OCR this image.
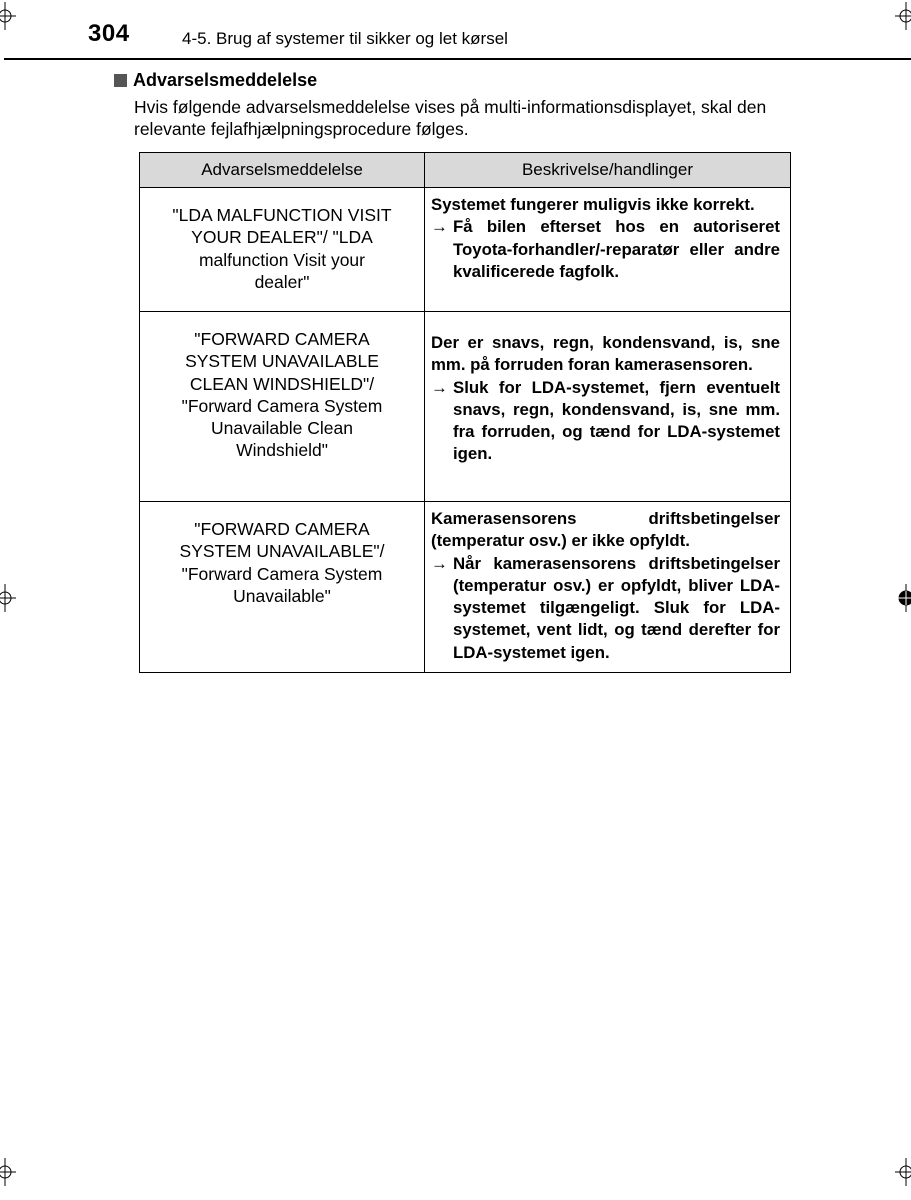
304	4-5. Brug af systemer til sikker og let kørsel
Advarselsmeddelelse
Hvis følgende advarselsmeddelelse vises på multi-informationsdisplayet, skal den relevante fejlafhjælpningsprocedure følges.
Advarselsmeddelelse	Beskrivelse/handlinger

"LDA MALFUNCTION VISIT YOUR DEALER"/ "LDA malfunction Visit your dealer"	Systemet fungerer muligvis ikke korrekt.
→ Få bilen efterset hos en autoriseret Toyota-forhandler/-reparatør eller andre kvalificerede fagfolk.

"FORWARD CAMERA SYSTEM UNAVAILABLE CLEAN WINDSHIELD"/ "Forward Camera System Unavailable Clean Windshield"	Der er snavs, regn, kondensvand, is, sne mm. på forruden foran kamerasensoren.
→ Sluk for LDA-systemet, fjern eventuelt snavs, regn, kondensvand, is, sne mm. fra forruden, og tænd for LDA-systemet igen.

"FORWARD CAMERA SYSTEM UNAVAILABLE"/ "Forward Camera System Unavailable"	Kamerasensorens driftsbetingelser (temperatur osv.) er ikke opfyldt.
→ Når kamerasensorens driftsbetingelser (temperatur osv.) er opfyldt, bliver LDA-systemet tilgængeligt. Sluk for LDA-systemet, vent lidt, og tænd derefter for LDA-systemet igen.
